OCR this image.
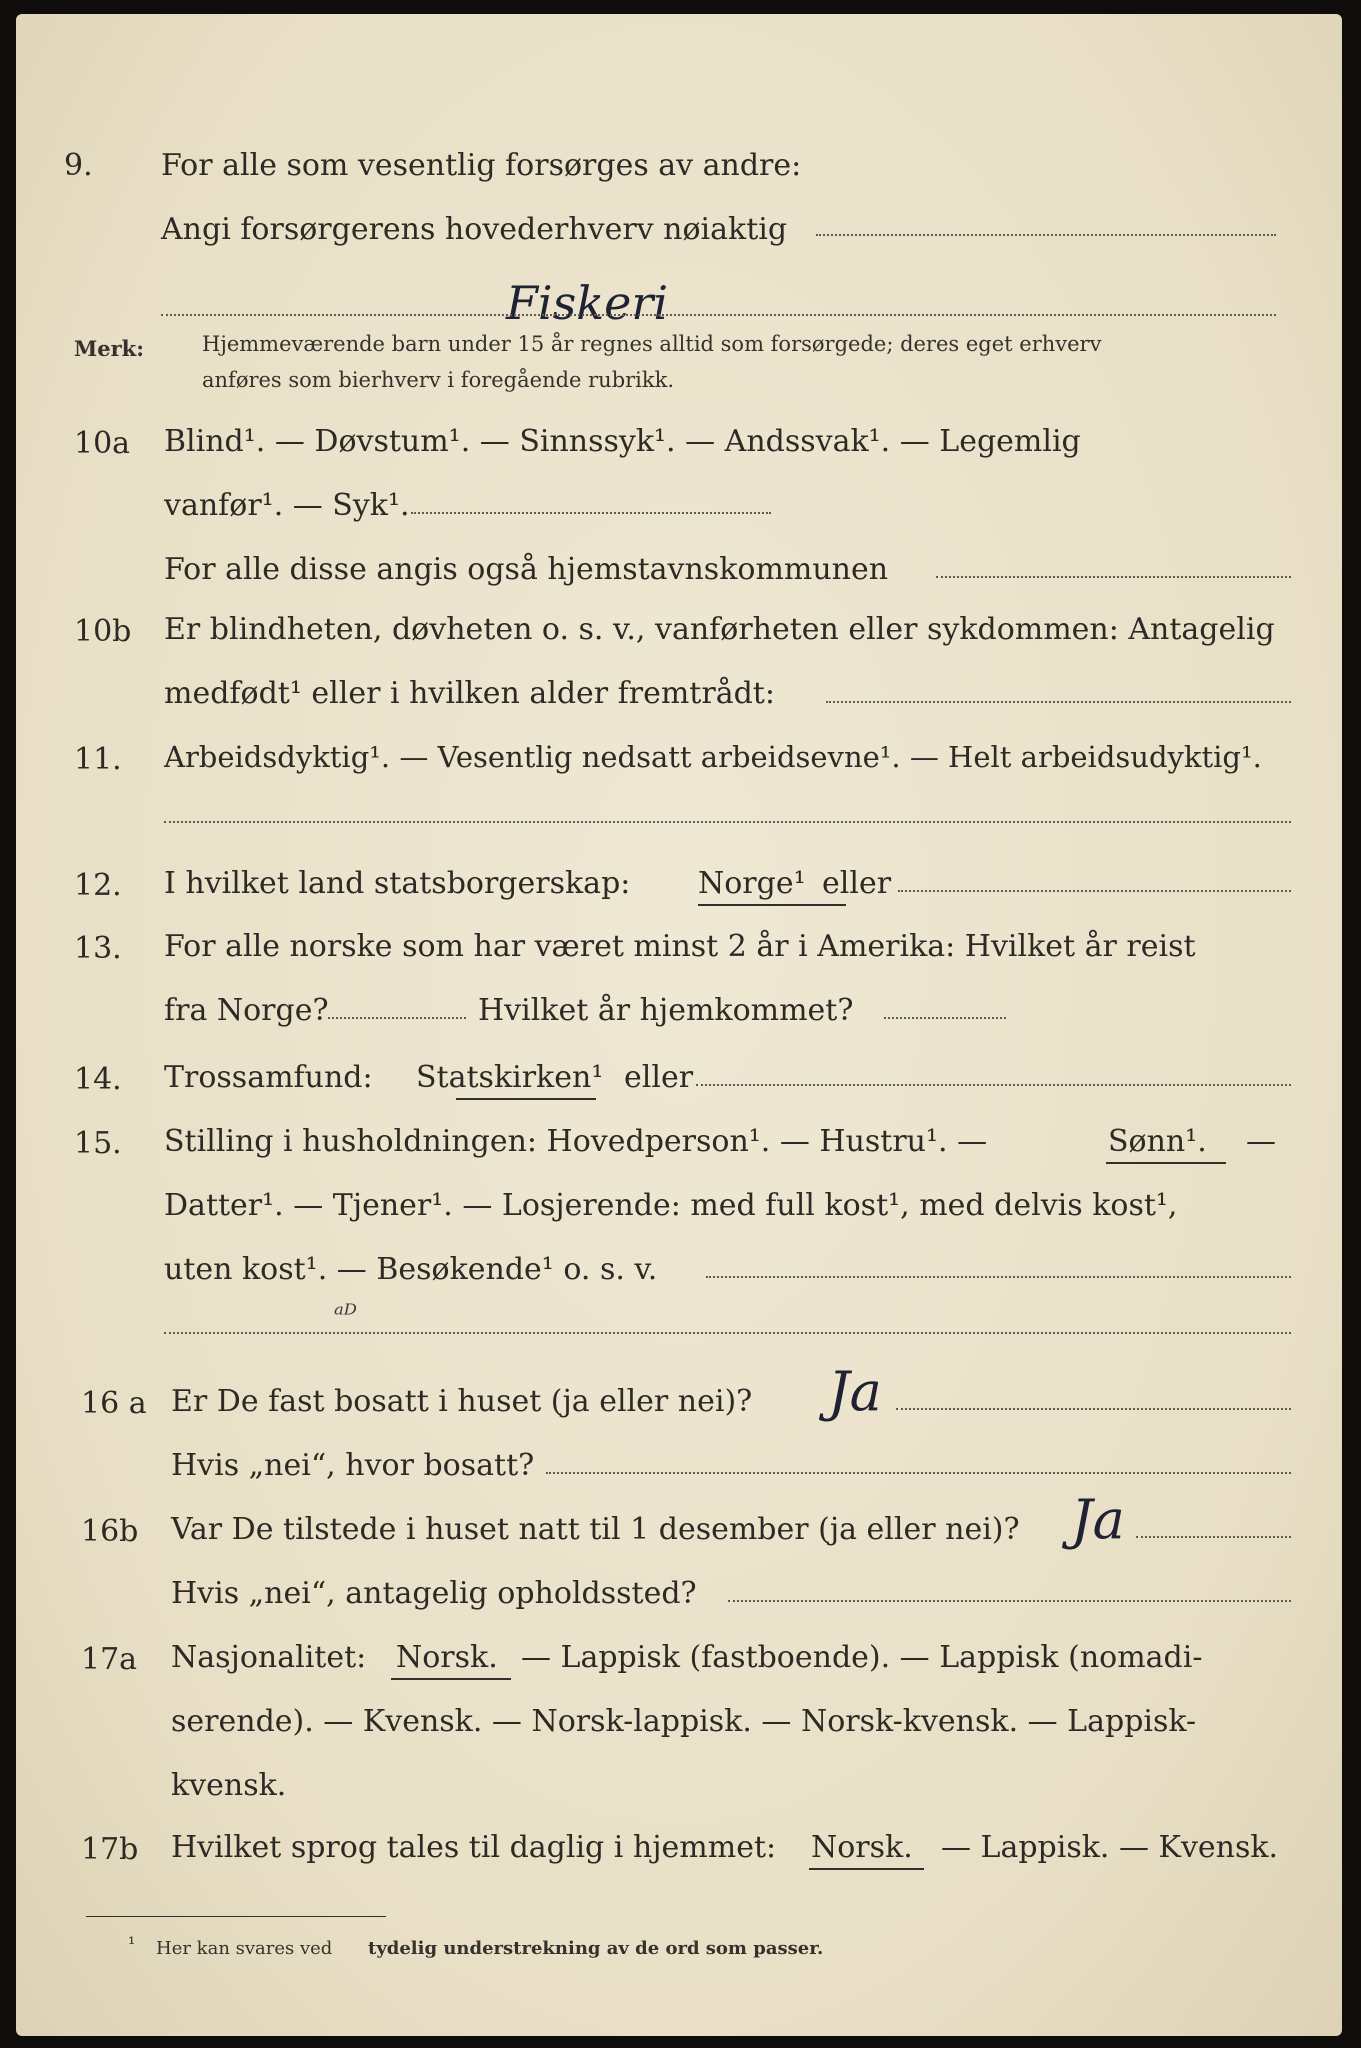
9. For alle som vesentlig forsørges av andre:
Angi forsørgerens hovederhverv nøiaktig
Fiskeri
Merk:	Hjemmeværende barn under 15 år regnes alltid som forsørgede; deres eget erhverv
anføres som bierhverv i foregående rubrikk.
10a Blind¹. — Døvstum¹. — Sinnssyk¹. — Andssvak¹. — Legemlig
vanfør¹. — Syk¹.
For alle disse angis også hjemstavnskommunen
10b Er blindheten, døvheten o. s. v., vanførheten eller sykdommen: Antagelig
medfødt¹ eller i hvilken alder fremtrådt:
11. Arbeidsdyktig¹. — Vesentlig nedsatt arbeidsevne¹. — Helt arbeidsudyktig¹.
12. I hvilket land statsborgerskap: Norge¹ eller
13. For alle norske som har været minst 2 år i Amerika: Hvilket år reist
fra Norge?	Hvilket år hjemkommet?
14. Trossamfund: Statskirken¹ eller
15. Stilling i husholdningen: Hovedperson¹. — Hustru¹. —	Sønn¹. —
Datter¹. — Tjener¹. — Losjerende: med full kost¹, med delvis kost¹,
uten kost¹. — Besøkende¹ o. s. v.
ᵃᴰ
16 a Er De fast bosatt i huset (ja eller nei)? Ja
Hvis „nei“, hvor bosatt?
16b Var De tilstede i huset natt til 1 desember (ja eller nei)? Ja
Hvis „nei“, antagelig opholdssted?
17a Nasjonalitet: Norsk. — Lappisk (fastboende). — Lappisk (nomadi-
serende). — Kvensk. — Norsk-lappisk. — Norsk-kvensk. — Lappisk-
kvensk.
17b Hvilket sprog tales til daglig i hjemmet: Norsk. — Lappisk. — Kvensk.
¹ Her kan svares ved tydelig understrekning av de ord som passer.
